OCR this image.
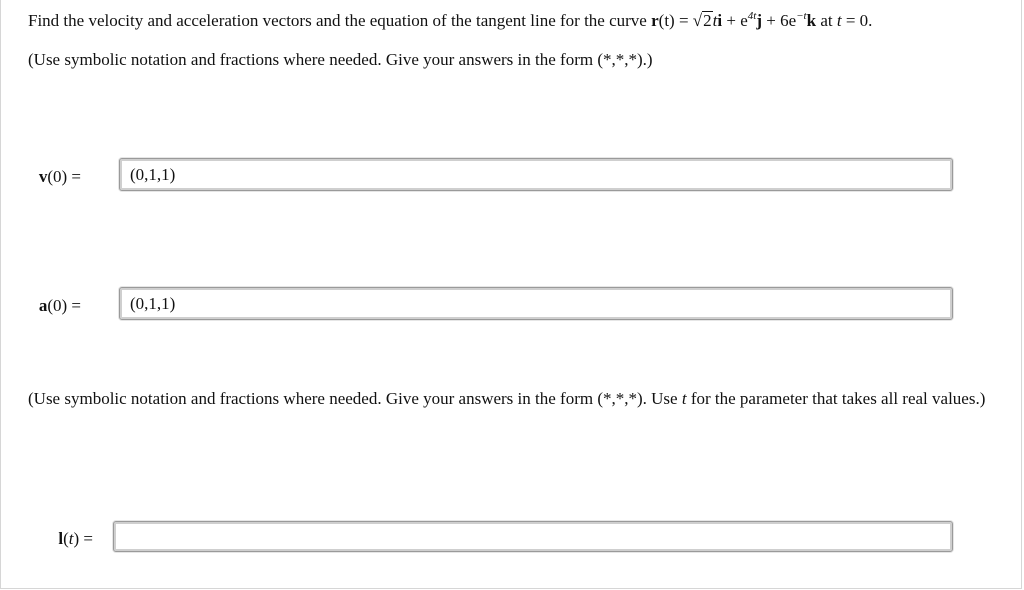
Find the velocity and acceleration vectors and the equation of the tangent line for the curve $r(t) = √2ti + e^{4t}j + 6e^{-t}k$ at t = 0.
(Use symbolic notation and fractions where needed. Give your answers in the form (*,*,*).)
v(0) =
(0,1,1)
a(0) =
(0,1,1)
(Use symbolic notation and fractions where needed. Give your answers in the form (*,*,*). Use t for the parameter that takes all real values.)
l(t) =
